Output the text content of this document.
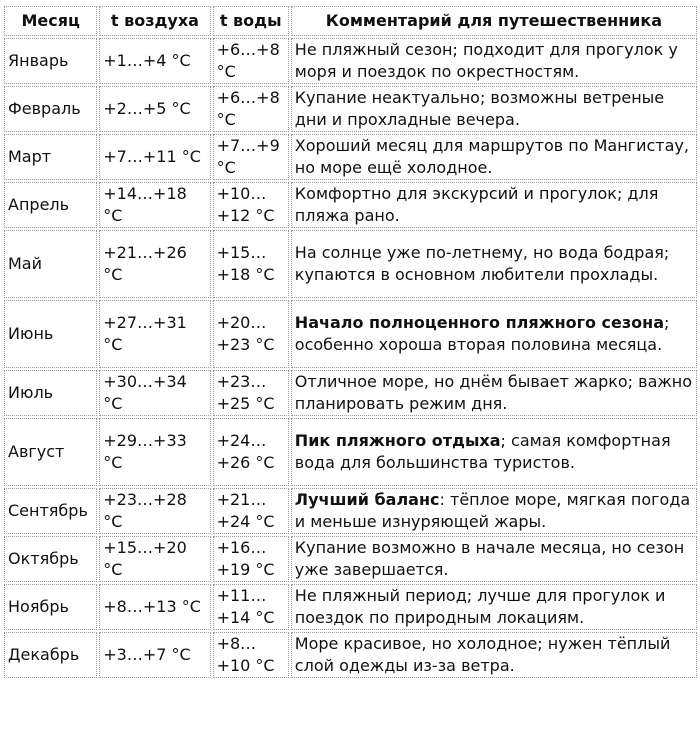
Месяц	t воздуха	t воды	Комментарий для путешественника
Январь	+1…+4 °C	+6…+8 °C	Не пляжный сезон; подходит для прогулок у моря и поездок по окрестностям.
Февраль	+2…+5 °C	+6…+8 °C	Купание неактуально; возможны ветреные дни и прохладные вечера.
Март	+7…+11 °C	+7…+9 °C	Хороший месяц для маршрутов по Мангистау, но море ещё холодное.
Апрель	+14…+18 °C	+10…+12 °C	Комфортно для экскурсий и прогулок; для пляжа рано.
Май	+21…+26 °C	+15…+18 °C	На солнце уже по-летнему, но вода бодрая; купаются в основном любители прохлады.
Июнь	+27…+31 °C	+20…+23 °C	Начало полноценного пляжного сезона; особенно хороша вторая половина месяца.
Июль	+30…+34 °C	+23…+25 °C	Отличное море, но днём бывает жарко; важно планировать режим дня.
Август	+29…+33 °C	+24…+26 °C	Пик пляжного отдыха; самая комфортная вода для большинства туристов.
Сентябрь	+23…+28 °C	+21…+24 °C	Лучший баланс: тёплое море, мягкая погода и меньше изнуряющей жары.
Октябрь	+15…+20 °C	+16…+19 °C	Купание возможно в начале месяца, но сезон уже завершается.
Ноябрь	+8…+13 °C	+11…+14 °C	Не пляжный период; лучше для прогулок и поездок по природным локациям.
Декабрь	+3…+7 °C	+8…+10 °C	Море красивое, но холодное; нужен тёплый слой одежды из-за ветра.
